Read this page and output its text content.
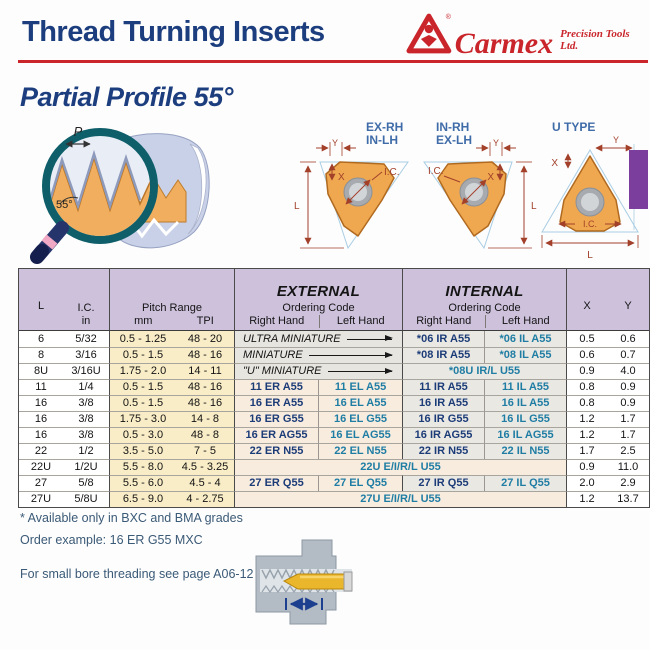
Thread Turning Inserts	®
Carmex Precision Tools Ltd.
Partial Profile 55°
P
55°
EX-RH
IN-LH
IN-RH
EX-LH
U TYPE
I.C.
L
X
Y
I.C.
L
X
Y	Y
X
I.C.
L
L	I.C.
in
Pitch Range
mm	TPI
EXTERNAL
Ordering Code
Right Hand	Left Hand
INTERNAL
Ordering Code
Right Hand	Left Hand
X	Y
6	5/32	0.5 - 1.25	48 - 20	ULTRA MINIATURE	*06 IR A55	*06 IL A55	0.5	0.6
8	3/16	0.5 - 1.5	48 - 16	MINIATURE	*08 IR A55	*08 IL A55	0.6	0.7
8U	3/16U	1.75 - 2.0	14 - 11	"U" MINIATURE	*08U IR/L U55	0.9	4.0
11	1/4	0.5 - 1.5	48 - 16	11 ER A55	11 EL A55	11 IR A55	11 IL A55	0.8	0.9
16	3/8	0.5 - 1.5	48 - 16	16 ER A55	16 EL A55	16 IR A55	16 IL A55	0.8	0.9
16	3/8	1.75 - 3.0	14 - 8	16 ER G55	16 EL G55	16 IR G55	16 IL G55	1.2	1.7
16	3/8	0.5 - 3.0	48 - 8	16 ER AG55	16 EL AG55	16 IR AG55	16 IL AG55	1.2	1.7
22	1/2	3.5 - 5.0	7 - 5	22 ER N55	22 EL N55	22 IR N55	22 IL N55	1.7	2.5
22U	1/2U	5.5 - 8.0	4.5 - 3.25	22U E/I/R/L U55	0.9	11.0
27	5/8	5.5 - 6.0	4.5 - 4	27 ER Q55	27 EL Q55	27 IR Q55	27 IL Q55	2.0	2.9
27U	5/8U	6.5 - 9.0	4 - 2.75	27U E/I/R/L U55	1.2	13.7
* Available only in BXC and BMA grades
Order example: 16 ER G55 MXC
For small bore threading see page A06-12
